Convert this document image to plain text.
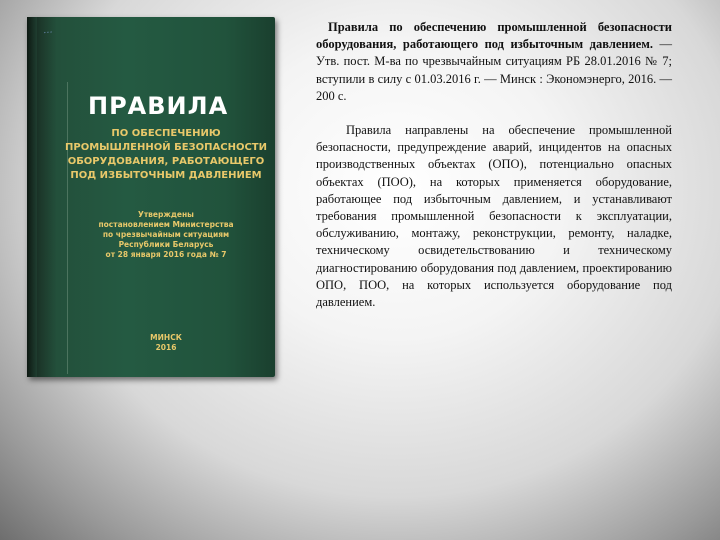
...
ПРАВИЛА
ПО ОБЕСПЕЧЕНИЮ
ПРОМЫШЛЕННОЙ БЕЗОПАСНОСТИ
ОБОРУДОВАНИЯ, РАБОТАЮЩЕГО
ПОД ИЗБЫТОЧНЫМ ДАВЛЕНИЕМ
Утверждены
постановлением Министерства
по чрезвычайным ситуациям
Республики Беларусь
от 28 января 2016 года № 7
МИНСК
2016

Правила по обеспечению промышленной безопасности оборудования, работающего под избыточным давлением. — Утв. пост. М-ва по чрезвычайным ситуациям РБ 28.01.2016 № 7; вступили в силу с 01.03.2016 г. — Минск : Экономэнерго, 2016. — 200 с.

Правила направлены на обеспечение промышленной безопасности, предупреждение аварий, инцидентов на опасных производственных объектах (ОПО), потенциально опасных объектах (ПОО), на которых применяется оборудование, работающее под избыточным давлением, и устанавливают требования промышленной безопасности к эксплуатации, обслуживанию, монтажу, реконструкции, ремонту, наладке, техническому освидетельствованию и техническому диагностированию оборудования под давлением, проектированию ОПО, ПОО, на которых используется оборудование под давлением.
